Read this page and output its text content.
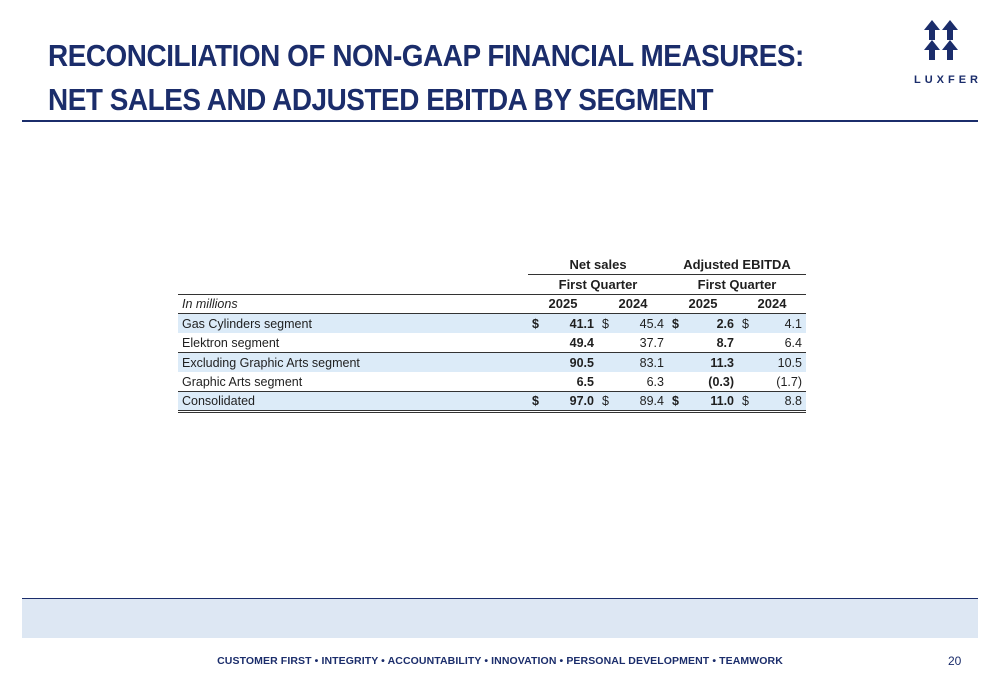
RECONCILIATION OF NON-GAAP FINANCIAL MEASURES:
NET SALES AND ADJUSTED EBITDA BY SEGMENT
LUXFER
	Net sales				Adjusted EBITDA			
	First Quarter				First Quarter			
In millions	2025		2024		2025		2024	
Gas Cylinders segment	$	41.1	$	45.4	$	2.6	$	4.1
Elektron segment		49.4		37.7		8.7		6.4
Excluding Graphic Arts segment		90.5		83.1		11.3		10.5
Graphic Arts segment		6.5		6.3		(0.3)		(1.7)
Consolidated	$	97.0	$	89.4	$	11.0	$	8.8
CUSTOMER FIRST • INTEGRITY • ACCOUNTABILITY • INNOVATION • PERSONAL DEVELOPMENT • TEAMWORK	20
